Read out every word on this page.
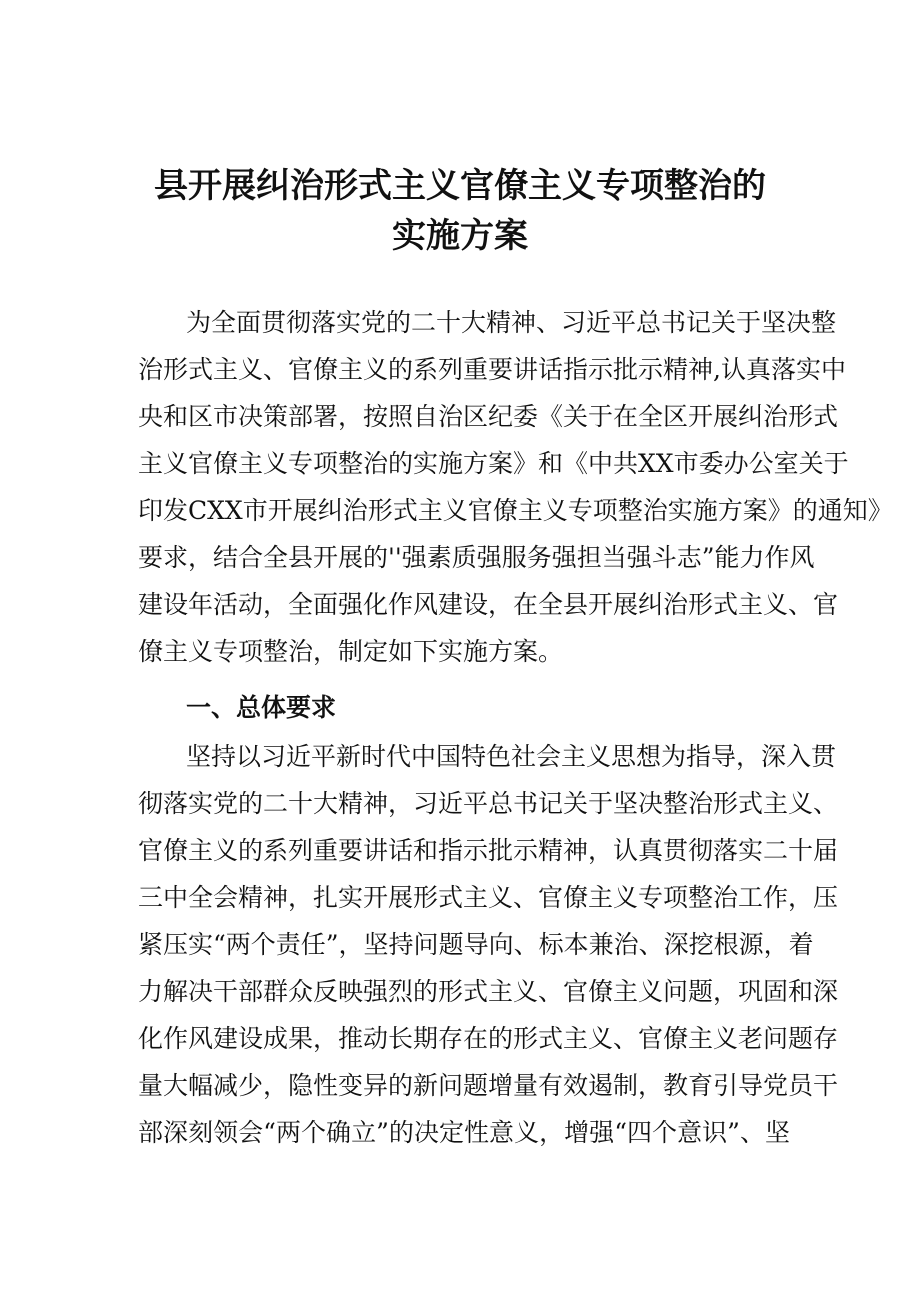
县开展纠治形式主义官僚主义专项整治的
实施方案
为全面贯彻落实党的二十大精神、习近平总书记关于坚决整
治形式主义、官僚主义的系列重要讲话指示批示精神,认真落实中
央和区市决策部署，按照自治区纪委《关于在全区开展纠治形式
主义官僚主义专项整治的实施方案》和《中共XX市委办公室关于
印发CXX市开展纠治形式主义官僚主义专项整治实施方案》的通知》
要求，结合全县开展的''强素质强服务强担当强斗志”能力作风
建设年活动，全面强化作风建设，在全县开展纠治形式主义、官
僚主义专项整治，制定如下实施方案。
一、总体要求
坚持以习近平新时代中国特色社会主义思想为指导，深入贯
彻落实党的二十大精神，习近平总书记关于坚决整治形式主义、
官僚主义的系列重要讲话和指示批示精神，认真贯彻落实二十届
三中全会精神，扎实开展形式主义、官僚主义专项整治工作，压
紧压实“两个责任”，坚持问题导向、标本兼治、深挖根源，着
力解决干部群众反映强烈的形式主义、官僚主义问题，巩固和深
化作风建设成果，推动长期存在的形式主义、官僚主义老问题存
量大幅减少，隐性变异的新问题增量有效遏制，教育引导党员干
部深刻领会“两个确立”的决定性意义，增强“四个意识”、坚
